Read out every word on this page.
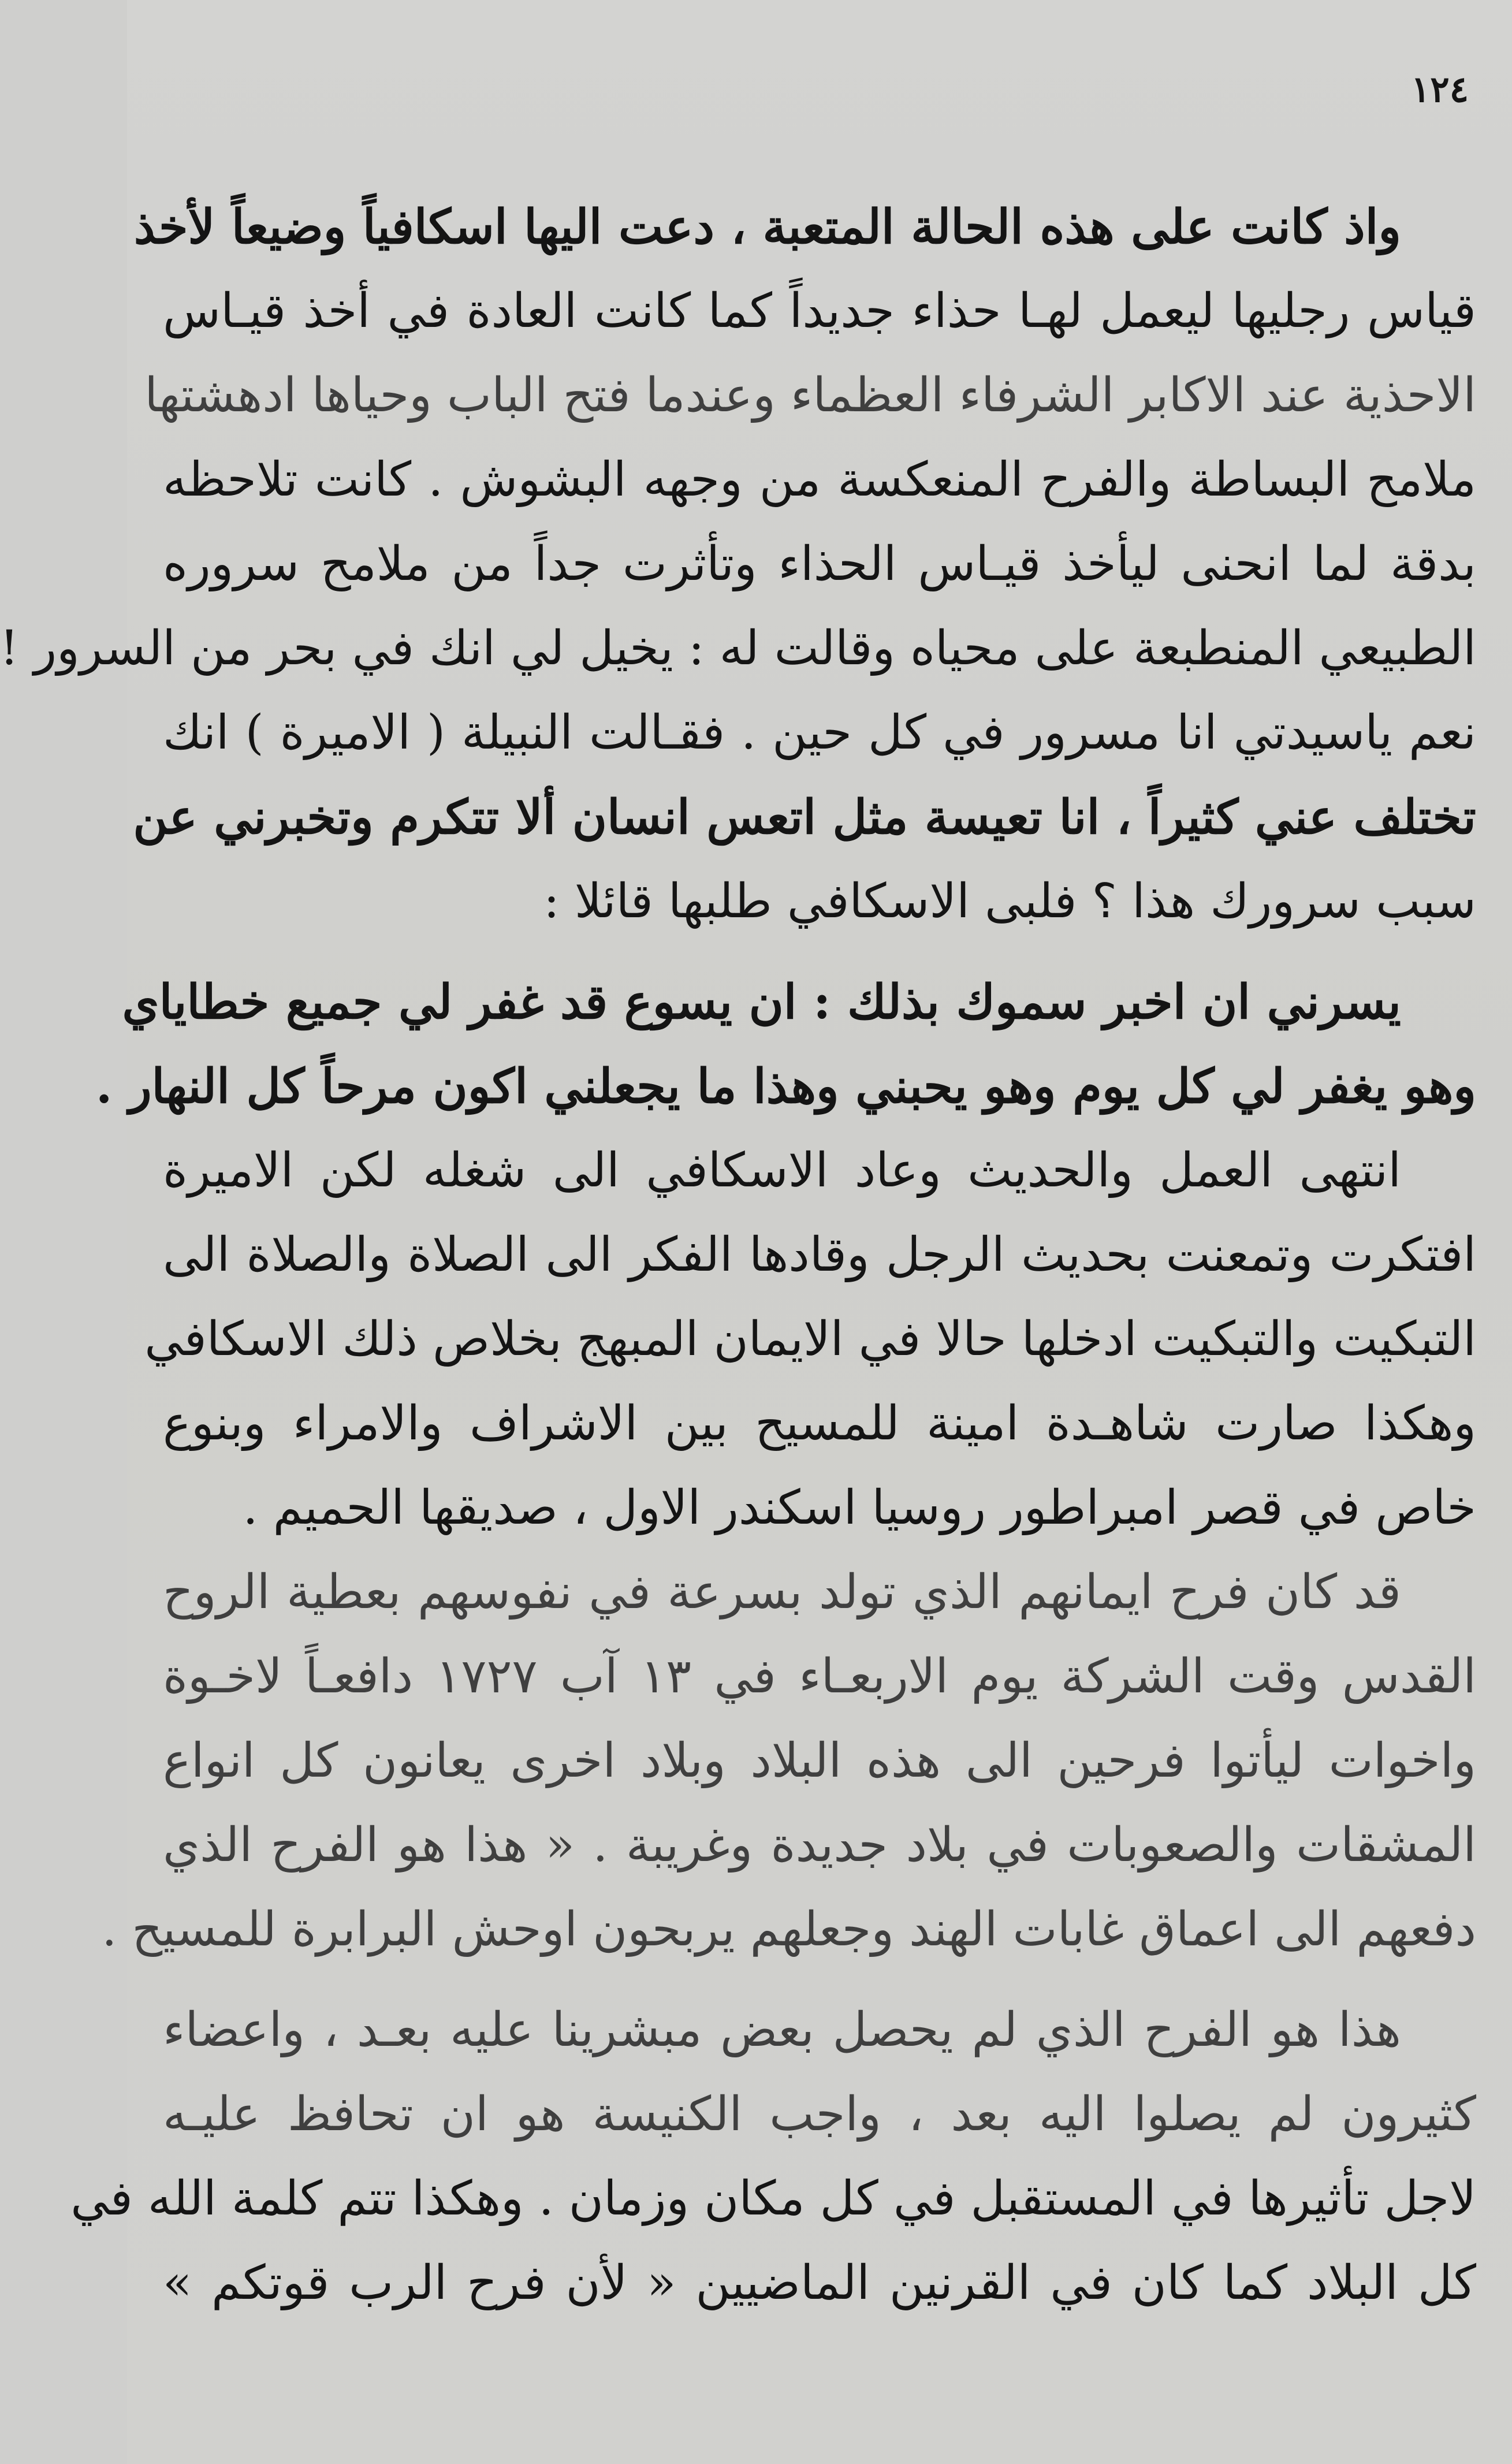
١٢٤
واذ كانت على هذه الحالة المتعبة ، دعت اليها اسكافياً وضيعاً لأخذ
قياس رجليها ليعمل لهـا حذاء جديداً كما كانت العادة في أخذ قيـاس
الاحذية عند الاكابر الشرفاء العظماء وعندما فتح الباب وحياها ادهشتها
ملامح البساطة والفرح المنعكسة من وجهه البشوش . كانت تلاحظه
بدقة لما انحنى ليأخذ قيـاس الحذاء وتأثرت جداً من ملامح سروره
الطبيعي المنطبعة على محياه وقالت له : يخيل لي انك في بحر من السرور !
نعم ياسيدتي انا مسرور في كل حين . فقـالت النبيلة ( الاميرة ) انك
تختلف عني كثيراً ، انا تعيسة مثل اتعس انسان ألا تتكرم وتخبرني عن
سبب سرورك هذا ؟ فلبى الاسكافي طلبها قائلا :
يسرني ان اخبر سموك بذلك : ان يسوع قد غفر لي جميع خطاياي
وهو يغفر لي كل يوم وهو يحبني وهذا ما يجعلني اكون مرحاً كل النهار .
انتهى العمل والحديث وعاد الاسكافي الى شغله لكن الاميرة
افتكرت وتمعنت بحديث الرجل وقادها الفكر الى الصلاة والصلاة الى
التبكيت والتبكيت ادخلها حالا في الايمان المبهج بخلاص ذلك الاسكافي
وهكذا صارت شاهـدة امينة للمسيح بين الاشراف والامراء وبنوع
خاص في قصر امبراطور روسيا اسكندر الاول ، صديقها الحميم .
قد كان فرح ايمانهم الذي تولد بسرعة في نفوسهم بعطية الروح
القدس وقت الشركة يوم الاربعـاء في ١٣ آب ١٧٢٧ دافعـاً لاخـوة
واخوات ليأتوا فرحين الى هذه البلاد وبلاد اخرى يعانون كل انواع
المشقات والصعوبات في بلاد جديدة وغريبة . « هذا هو الفرح الذي
دفعهم الى اعماق غابات الهند وجعلهم يربحون اوحش البرابرة للمسيح .
هذا هو الفرح الذي لم يحصل بعض مبشرينا عليه بعـد ، واعضاء
كثيرون لم يصلوا اليه بعد ، واجب الكنيسة هو ان تحافظ عليـه
لاجل تأثيرها في المستقبل في كل مكان وزمان . وهكذا تتم كلمة الله في
كل البلاد كما كان في القرنين الماضيين « لأن فرح الرب قوتكم »
